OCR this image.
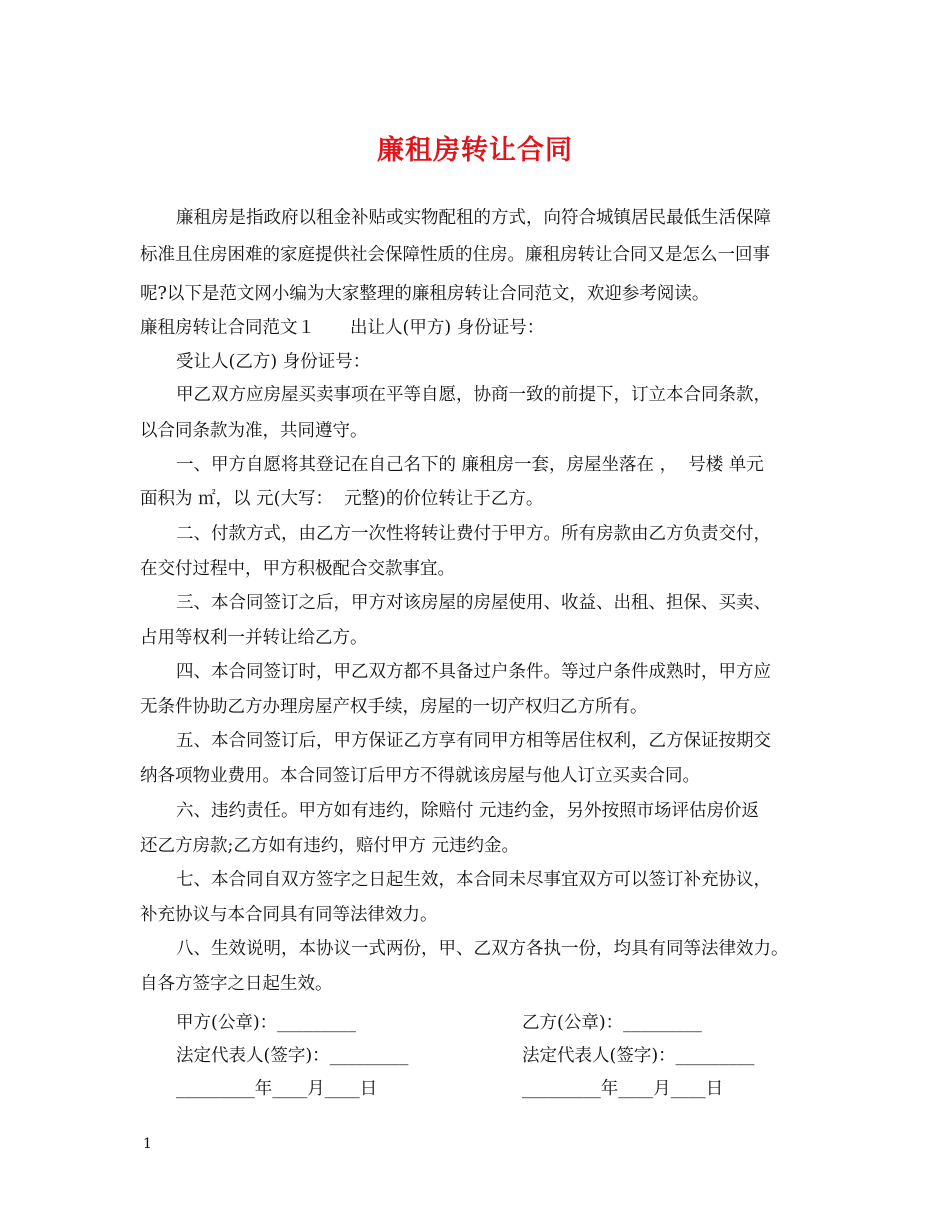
廉租房转让合同
廉租房是指政府以租金补贴或实物配租的方式，向符合城镇居民最低生活保障
标准且住房困难的家庭提供社会保障性质的住房。廉租房转让合同又是怎么一回事
呢?以下是范文网小编为大家整理的廉租房转让合同范文，欢迎参考阅读。
廉租房转让合同范文１　　出让人(甲方) 身份证号：
受让人(乙方) 身份证号：
甲乙双方应房屋买卖事项在平等自愿，协商一致的前提下，订立本合同条款，
以合同条款为准，共同遵守。
一、甲方自愿将其登记在自己名下的 廉租房一套，房屋坐落在 ，  号楼 单元
面积为 ㎡，以 元(大写：  元整)的价位转让于乙方。
二、付款方式，由乙方一次性将转让费付于甲方。所有房款由乙方负责交付，
在交付过程中，甲方积极配合交款事宜。
三、本合同签订之后，甲方对该房屋的房屋使用、收益、出租、担保、买卖、
占用等权利一并转让给乙方。
四、本合同签订时，甲乙双方都不具备过户条件。等过户条件成熟时，甲方应
无条件协助乙方办理房屋产权手续，房屋的一切产权归乙方所有。
五、本合同签订后，甲方保证乙方享有同甲方相等居住权利，乙方保证按期交
纳各项物业费用。本合同签订后甲方不得就该房屋与他人订立买卖合同。
六、违约责任。甲方如有违约，除赔付 元违约金，另外按照市场评估房价返
还乙方房款;乙方如有违约，赔付甲方 元违约金。
七、本合同自双方签字之日起生效，本合同未尽事宜双方可以签订补充协议，
补充协议与本合同具有同等法律效力。
八、生效说明，本协议一式两份，甲、乙双方各执一份，均具有同等法律效力。
自各方签字之日起生效。
甲方(公章)：_________	乙方(公章)：_________
法定代表人(签字)：_________	法定代表人(签字)：_________
_________年____月____日	_________年____月____日
1
